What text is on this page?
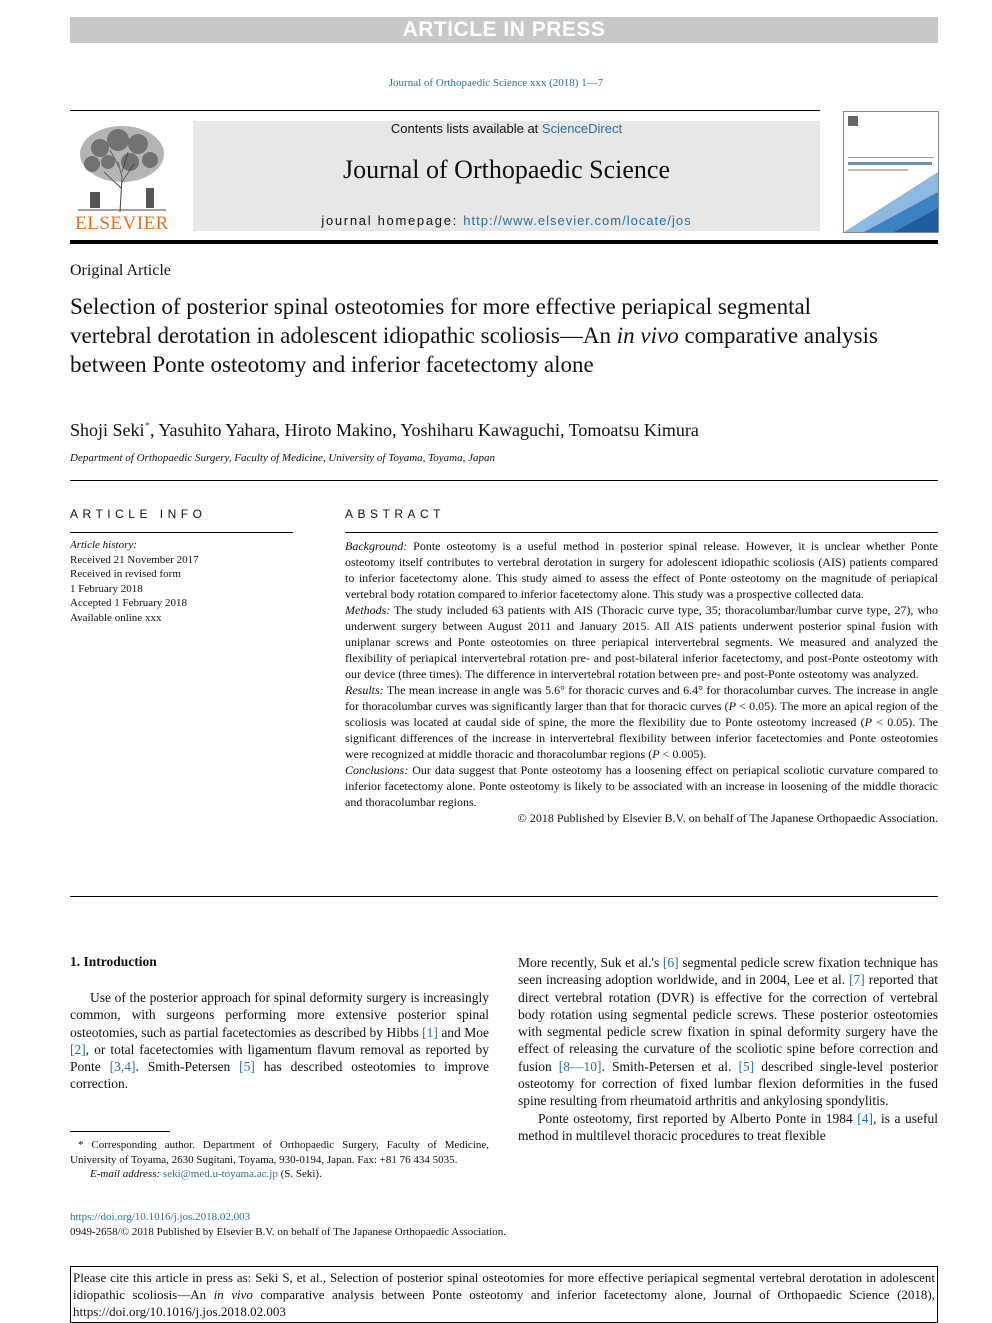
ARTICLE IN PRESS
Journal of Orthopaedic Science xxx (2018) 1—7
ELSEVIER
Contents lists available at ScienceDirect
Journal of Orthopaedic Science
journal homepage: http://www.elsevier.com/locate/jos
Original Article
Selection of posterior spinal osteotomies for more effective periapical segmental vertebral derotation in adolescent idiopathic scoliosis—An in vivo comparative analysis between Ponte osteotomy and inferior facetectomy alone
Shoji Seki*, Yasuhito Yahara, Hiroto Makino, Yoshiharu Kawaguchi, Tomoatsu Kimura
Department of Orthopaedic Surgery, Faculty of Medicine, University of Toyama, Toyama, Japan
ARTICLE INFO
Article history:
Received 21 November 2017
Received in revised form
1 February 2018
Accepted 1 February 2018
Available online xxx
ABSTRACT

Background: Ponte osteotomy is a useful method in posterior spinal release. However, it is unclear whether Ponte osteotomy itself contributes to vertebral derotation in surgery for adolescent idiopathic scoliosis (AIS) patients compared to inferior facetectomy alone. This study aimed to assess the effect of Ponte osteotomy on the magnitude of periapical vertebral body rotation compared to inferior facetectomy alone. This study was a prospective collected data.

Methods: The study included 63 patients with AIS (Thoracic curve type, 35; thoracolumbar/lumbar curve type, 27), who underwent surgery between August 2011 and January 2015. All AIS patients underwent posterior spinal fusion with uniplanar screws and Ponte osteotomies on three periapical intervertebral segments. We measured and analyzed the flexibility of periapical intervertebral rotation pre- and post-bilateral inferior facetectomy, and post-Ponte osteotomy with our device (three times). The difference in intervertebral rotation between pre- and post-Ponte osteotomy was analyzed.

Results: The mean increase in angle was 5.6° for thoracic curves and 6.4° for thoracolumbar curves. The increase in angle for thoracolumbar curves was significantly larger than that for thoracic curves (P < 0.05). The more an apical region of the scoliosis was located at caudal side of spine, the more the flexibility due to Ponte osteotomy increased (P < 0.05). The significant differences of the increase in intervertebral flexibility between inferior facetectomies and Ponte osteotomies were recognized at middle thoracic and thoracolumbar regions (P < 0.005).

Conclusions: Our data suggest that Ponte osteotomy has a loosening effect on periapical scoliotic curvature compared to inferior facetectomy alone. Ponte osteotomy is likely to be associated with an increase in loosening of the middle thoracic and thoracolumbar regions.

© 2018 Published by Elsevier B.V. on behalf of The Japanese Orthopaedic Association.

1. Introduction
Use of the posterior approach for spinal deformity surgery is increasingly common, with surgeons performing more extensive posterior spinal osteotomies, such as partial facetectomies as described by Hibbs [1] and Moe [2], or total facetectomies with ligamentum flavum removal as reported by Ponte [3,4]. Smith-Petersen [5] has described osteotomies to improve correction.

More recently, Suk et al.'s [6] segmental pedicle screw fixation technique has seen increasing adoption worldwide, and in 2004, Lee et al. [7] reported that direct vertebral rotation (DVR) is effective for the correction of vertebral body rotation using segmental pedicle screws. These posterior osteotomies with segmental pedicle screw fixation in spinal deformity surgery have the effect of releasing the curvature of the scoliotic spine before correction and fusion [8—10]. Smith-Petersen et al. [5] described single-level posterior osteotomy for correction of fixed lumbar flexion deformities in the fused spine resulting from rheumatoid arthritis and ankylosing spondylitis.

Ponte osteotomy, first reported by Alberto Ponte in 1984 [4], is a useful method in multilevel thoracic procedures to treat flexible

* Corresponding author. Department of Orthopaedic Surgery, Faculty of Medicine, University of Toyama, 2630 Sugitani, Toyama, 930-0194, Japan. Fax: +81 76 434 5035.
E-mail address: seki@med.u-toyama.ac.jp (S. Seki).
https://doi.org/10.1016/j.jos.2018.02.003
0949-2658/© 2018 Published by Elsevier B.V. on behalf of The Japanese Orthopaedic Association.
Please cite this article in press as: Seki S, et al., Selection of posterior spinal osteotomies for more effective periapical segmental vertebral derotation in adolescent idiopathic scoliosis—An in vivo comparative analysis between Ponte osteotomy and inferior facetectomy alone, Journal of Orthopaedic Science (2018), https://doi.org/10.1016/j.jos.2018.02.003
